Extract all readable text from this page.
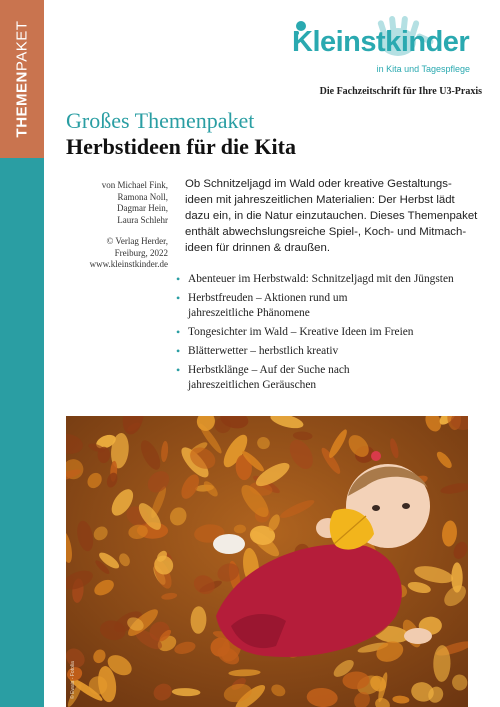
THEMENPAKET	Kleinstkinder
in Kita und Tagespflege
Die Fachzeitschrift für Ihre U3-Praxis
Großes Themenpaket
Herbstideen für die Kita
von Michael Fink,
Ramona Noll,
Dagmar Hein,
Laura Schlehr
© Verlag Herder,
Freiburg, 2022
www.kleinstkinder.de
Ob Schnitzeljagd im Wald oder kreative Gestaltungs-
ideen mit jahreszeitlichen Materialien: Der Herbst lädt
dazu ein, in die Natur einzutauchen. Dieses Themenpaket
enthält abwechslungsreiche Spiel-, Koch- und Mitmach-
ideen für drinnen & draußen.
• Abenteuer im Herbstwald: Schnitzeljagd mit den Jüngsten
• Herbstfreuden – Aktionen rund um
jahreszeitliche Phänomene
• Tongesichter im Wald – Kreative Ideen im Freien
• Blätterwetter – herbstlich kreativ
• Herbstklänge – Auf der Suche nach
jahreszeitlichen Geräuschen
© Ewais - Fotolia
